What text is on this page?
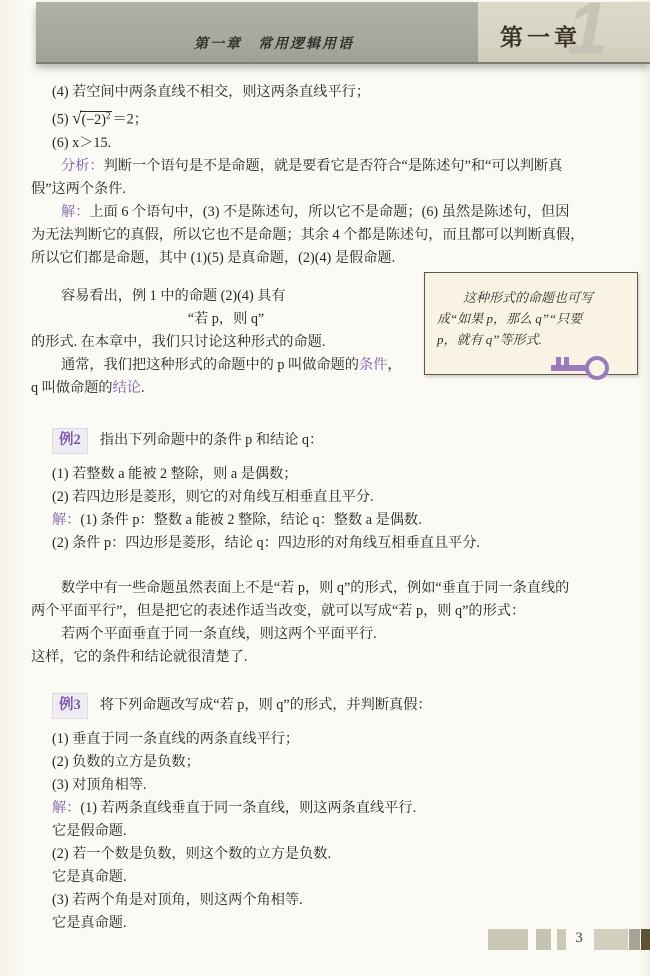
第一章　常用逻辑用语	1
第一章

(4) 若空间中两条直线不相交，则这两条直线平行；

(5) $√(-2)^2 =2$；

(6) x＞15.

分析：判断一个语句是不是命题，就是要看它是否符合“是陈述句”和“可以判断真

假”这两个条件.

解：上面 6 个语句中，(3) 不是陈述句，所以它不是命题；(6) 虽然是陈述句，但因

为无法判断它的真假，所以它也不是命题；其余 4 个都是陈述句，而且都可以判断真假，

所以它们都是命题，其中 (1)(5) 是真命题，(2)(4) 是假命题.

容易看出，例 1 中的命题 (2)(4) 具有

“若 p，则 q”

的形式. 在本章中，我们只讨论这种形式的命题.

通常，我们把这种形式的命题中的 p 叫做命题的条件，

q 叫做命题的结论.

例2 指出下列命题中的条件 p 和结论 q：

(1) 若整数 a 能被 2 整除，则 a 是偶数；

(2) 若四边形是菱形，则它的对角线互相垂直且平分.

解：(1) 条件 p：整数 a 能被 2 整除，结论 q：整数 a 是偶数.

(2) 条件 p：四边形是菱形，结论 q：四边形的对角线互相垂直且平分.

数学中有一些命题虽然表面上不是“若 p，则 q”的形式，例如“垂直于同一条直线的

两个平面平行”，但是把它的表述作适当改变，就可以写成“若 p，则 q”的形式：

若两个平面垂直于同一条直线，则这两个平面平行.

这样，它的条件和结论就很清楚了.

例3 将下列命题改写成“若 p，则 q”的形式，并判断真假：

(1) 垂直于同一条直线的两条直线平行；

(2) 负数的立方是负数；

(3) 对顶角相等.

解：(1) 若两条直线垂直于同一条直线，则这两条直线平行.

它是假命题.

(2) 若一个数是负数，则这个数的立方是负数.

它是真命题.

(3) 若两个角是对顶角，则这两个角相等.

它是真命题.

这种形式的命题也可写

成“如果 p，那么 q”“只要

p，就有 q”等形式.

3
